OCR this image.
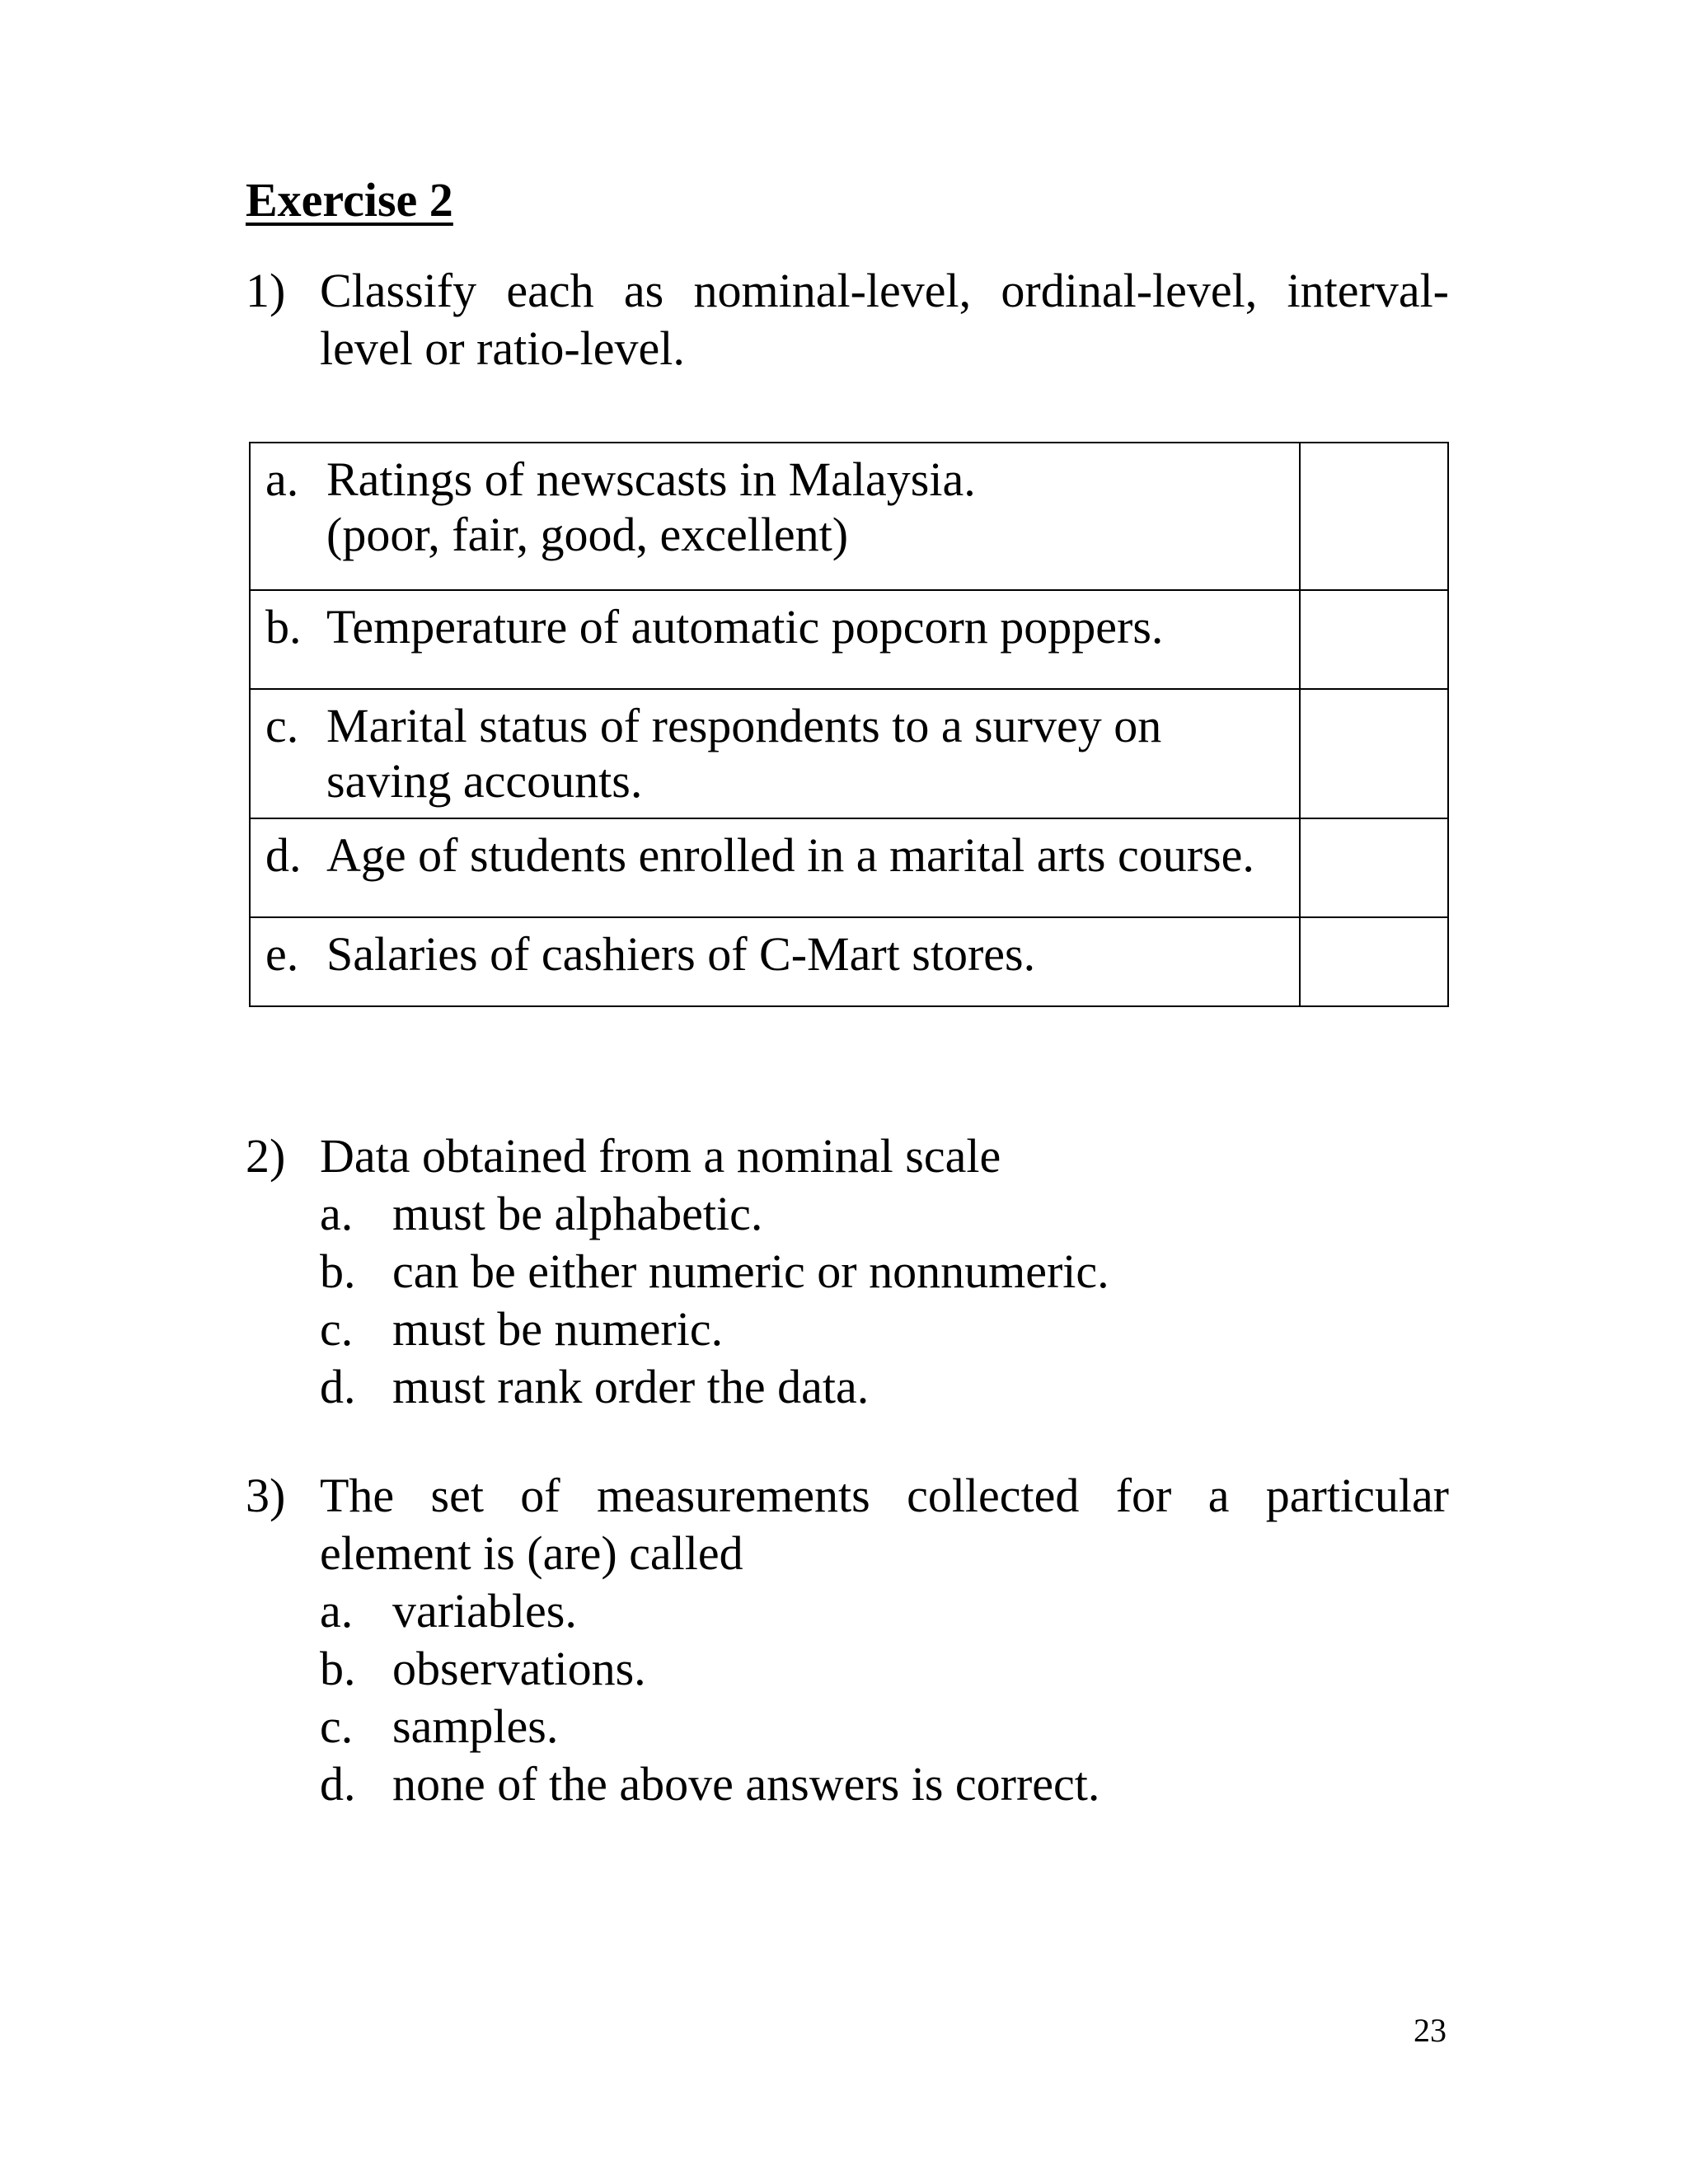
Exercise 2
1) Classify each as nominal-level, ordinal-level, interval-
level or ratio-level.
a. Ratings of newscasts in Malaysia.
(poor, fair, good, excellent)	

b. Temperature of automatic popcorn poppers.	

c. Marital status of respondents to a survey on
saving accounts.	

d. Age of students enrolled in a marital arts course.	

e. Salaries of cashiers of C-Mart stores.	

2) Data obtained from a nominal scale
a. must be alphabetic.
b. can be either numeric or nonnumeric.
c. must be numeric.
d. must rank order the data.
3) The set of measurements collected for a particular
element is (are) called
a. variables.
b. observations.
c. samples.
d. none of the above answers is correct.
23
